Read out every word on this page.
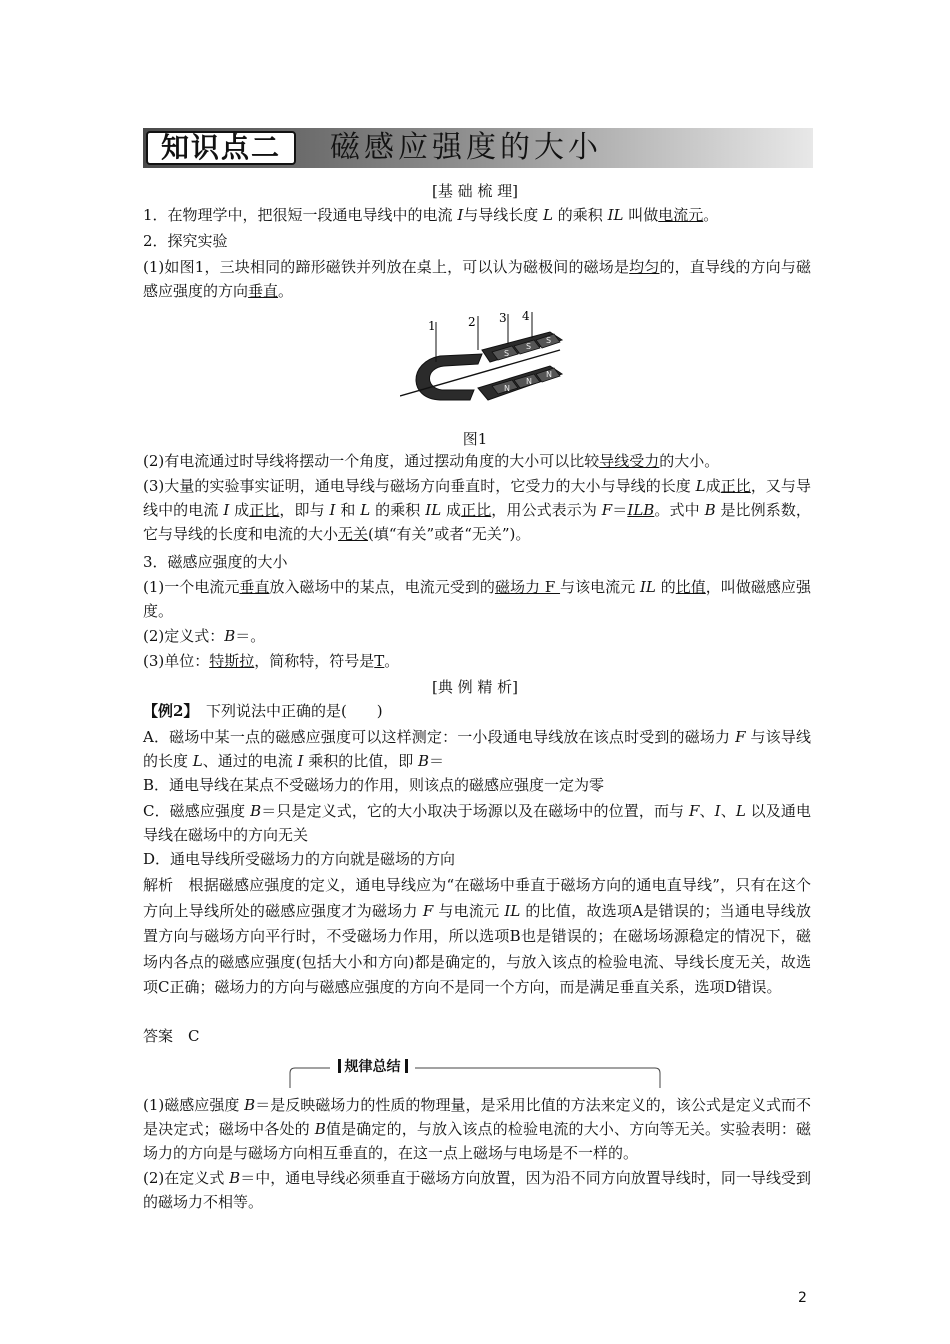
知识点二	磁感应强度的大小
[基 础 梳 理]

1．在物理学中，把很短一段通电导线中的电流 I与导线长度 L 的乘积 IL 叫做电流元。

2．探究实验

(1)如图1，三块相同的蹄形磁铁并列放在桌上，可以认为磁极间的磁场是均匀的，直导线的方向与磁感应强度的方向垂直。

S
S
S
N
N
N
1	2 3 4
图1

(2)有电流通过时导线将摆动一个角度，通过摆动角度的大小可以比较导线受力的大小。

(3)大量的实验事实证明，通电导线与磁场方向垂直时，它受力的大小与导线的长度 L成正比，又与导线中的电流 I 成正比，即与 I 和 L 的乘积 IL 成正比，用公式表示为 F＝ILB。式中 B 是比例系数，它与导线的长度和电流的大小无关(填“有关”或者“无关”)。

3．磁感应强度的大小

(1)一个电流元垂直放入磁场中的某点，电流元受到的磁场力 F 与该电流元 IL 的比值，叫做磁感应强度。

(2)定义式：B＝。

(3)单位：特斯拉，简称特，符号是T。

[典 例 精 析]

【例2】　下列说法中正确的是(　　)

A．磁场中某一点的磁感应强度可以这样测定：一小段通电导线放在该点时受到的磁场力 F 与该导线的长度 L、通过的电流 I 乘积的比值，即 B＝

B．通电导线在某点不受磁场力的作用，则该点的磁感应强度一定为零

C．磁感应强度 B＝只是定义式，它的大小取决于场源以及在磁场中的位置，而与 F、I、L 以及通电导线在磁场中的方向无关

D．通电导线所受磁场力的方向就是磁场的方向

解析　根据磁感应强度的定义，通电导线应为“在磁场中垂直于磁场方向的通电直导线”，只有在这个方向上导线所处的磁感应强度才为磁场力 F 与电流元 IL 的比值，故选项A是错误的；当通电导线放置方向与磁场方向平行时，不受磁场力作用，所以选项B也是错误的；在磁场场源稳定的情况下，磁场内各点的磁感应强度(包括大小和方向)都是确定的，与放入该点的检验电流、导线长度无关，故选项C正确；磁场力的方向与磁感应强度的方向不是同一个方向，而是满足垂直关系，选项D错误。

答案　C

规律总结

(1)磁感应强度 B＝是反映磁场力的性质的物理量，是采用比值的方法来定义的，该公式是定义式而不是决定式；磁场中各处的 B值是确定的，与放入该点的检验电流的大小、方向等无关。实验表明：磁场力的方向是与磁场方向相互垂直的，在这一点上磁场与电场是不一样的。

(2)在定义式 B＝中，通电导线必须垂直于磁场方向放置，因为沿不同方向放置导线时，同一导线受到的磁场力不相等。

2
